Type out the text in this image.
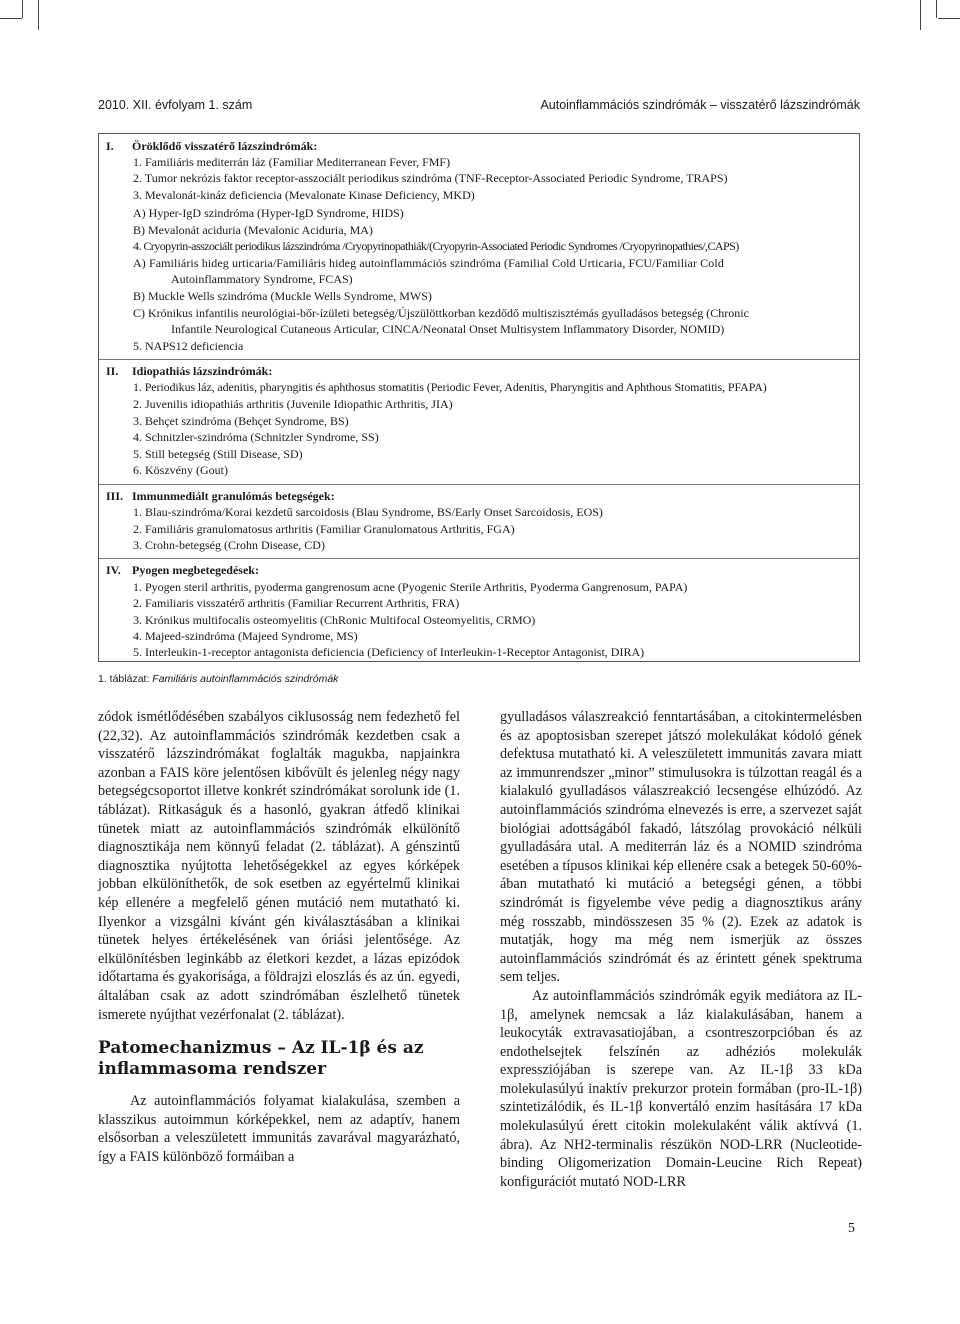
2010. XII. évfolyam 1. szám	Autoinflammációs szindrómák – visszatérő lázszindrómák
I. Öröklődő visszatérő lázszindrómák:
1. Familiáris mediterrán láz (Familiar Mediterranean Fever, FMF)
2. Tumor nekrózis faktor receptor-asszociált periodikus szindróma (TNF-Receptor-Associated Periodic Syndrome, TRAPS)
3. Mevalonát-kináz deficiencia (Mevalonate Kinase Deficiency, MKD)
A) Hyper-IgD szindróma (Hyper-IgD Syndrome, HIDS)
B) Mevalonát aciduria (Mevalonic Aciduria, MA)
4. Cryopyrin-asszociált periodikus lázszindróma /Cryopyrinopathiák/(Cryopyrin-Associated Periodic Syndromes /Cryopyrinopathies/,CAPS)
A) Familiáris hideg urticaria/Familiáris hideg autoinflammációs szindróma (Familial Cold Urticaria, FCU/Familiar Cold
Autoinflammatory Syndrome, FCAS)
B) Muckle Wells szindróma (Muckle Wells Syndrome, MWS)
C) Krónikus infantilis neurológiai-bőr-ízületi betegség/Újszülöttkorban kezdődő multiszisztémás gyulladásos betegség (Chronic
Infantile Neurological Cutaneous Articular, CINCA/Neonatal Onset Multisystem Inflammatory Disorder, NOMID)
5. NAPS12 deficiencia
II. Idiopathiás lázszindrómák:
1. Periodikus láz, adenitis, pharyngitis és aphthosus stomatitis (Periodic Fever, Adenitis, Pharyngitis and Aphthous Stomatitis, PFAPA)
2. Juvenilis idiopathiás arthritis (Juvenile Idiopathic Arthritis, JIA)
3. Behçet szindróma (Behçet Syndrome, BS)
4. Schnitzler-szindróma (Schnitzler Syndrome, SS)
5. Still betegség (Still Disease, SD)
6. Köszvény (Gout)
III. Immunmediált granulómás betegségek:
1. Blau-szindróma/Korai kezdetű sarcoidosis (Blau Syndrome, BS/Early Onset Sarcoidosis, EOS)
2. Familiáris granulomatosus arthritis (Familiar Granulomatous Arthritis, FGA)
3. Crohn-betegség (Crohn Disease, CD)
IV. Pyogen megbetegedések:
1. Pyogen steril arthritis, pyoderma gangrenosum acne (Pyogenic Sterile Arthritis, Pyoderma Gangrenosum, PAPA)
2. Familiaris visszatérő arthritis (Familiar Recurrent Arthritis, FRA)
3. Krónikus multifocalis osteomyelitis (ChRonic Multifocal Osteomyelitis, CRMO)
4. Majeed-szindróma (Majeed Syndrome, MS)
5. Interleukin-1-receptor antagonista deficiencia (Deficiency of Interleukin-1-Receptor Antagonist, DIRA)
1. táblázat: Familiáris autoinflammációs szindrómák

zódok ismétlődésében szabályos ciklusosság nem fedezhető fel (22,32). Az autoinflammációs szindrómák kezdetben csak a visszatérő lázszindrómákat foglalták magukba, napjainkra azonban a FAIS köre jelentősen kibővült és jelenleg négy nagy betegségcsoportot illetve konkrét szindrómákat sorolunk ide (1. táblázat). Ritkaságuk és a hasonló, gyakran átfedő klinikai tünetek miatt az autoinflammációs szindrómák elkülönítő diagnosztikája nem könnyű feladat (2. táblázat). A génszintű diagnosztika nyújtotta lehetőségekkel az egyes kórképek jobban elkülöníthetők, de sok esetben az egyértelmű klinikai kép ellenére a megfelelő génen mutáció nem mutatható ki. Ilyenkor a vizsgálni kívánt gén kiválasztásában a klinikai tünetek helyes értékelésének van óriási jelentősége. Az elkülönítésben leginkább az életkori kezdet, a lázas epizódok időtartama és gyakorisága, a földrajzi eloszlás és az ún. egyedi, általában csak az adott szindrómában észlelhető tünetek ismerete nyújthat vezérfonalat (2. táblázat).

Patomechanizmus – Az IL-1β és az inflammasoma rendszer

Az autoinflammációs folyamat kialakulása, szemben a klasszikus autoimmun kórképekkel, nem az adaptív, hanem elsősorban a veleszületett immunitás zavarával magyarázható, így a FAIS különböző formáiban a

gyulladásos válaszreakció fenntartásában, a citokintermelésben és az apoptosisban szerepet játszó molekulákat kódoló gének defektusa mutatható ki. A veleszületett immunitás zavara miatt az immunrendszer „minor” stimulusokra is túlzottan reagál és a kialakuló gyulladásos válaszreakció lecsengése elhúzódó. Az autoinflammációs szindróma elnevezés is erre, a szervezet saját biológiai adottságából fakadó, látszólag provokáció nélküli gyulladására utal. A mediterrán láz és a NOMID szindróma esetében a típusos klinikai kép ellenére csak a betegek 50-60%-ában mutatható ki mutáció a betegségi génen, a többi szindrómát is figyelembe véve pedig a diagnosztikus arány még rosszabb, mindösszesen 35 % (2). Ezek az adatok is mutatják, hogy ma még nem ismerjük az összes autoinflammációs szindrómát és az érintett gének spektruma sem teljes.

Az autoinflammációs szindrómák egyik mediátora az IL-1β, amelynek nemcsak a láz kialakulásában, hanem a leukocyták extravasatiojában, a csontreszorpcióban és az endothelsejtek felszínén az adhéziós molekulák expressziójában is szerepe van. Az IL-1β 33 kDa molekulasúlyú inaktív prekurzor protein formában (pro-IL-1β) szintetizálódik, és IL-1β konvertáló enzim hasítására 17 kDa molekulasúlyú érett citokin molekulaként válik aktívvá (1. ábra). Az NH2-terminalis részükön NOD-LRR (Nucleotide-binding Oligomerization Domain-Leucine Rich Repeat) konfigurációt mutató NOD-LRR

5
